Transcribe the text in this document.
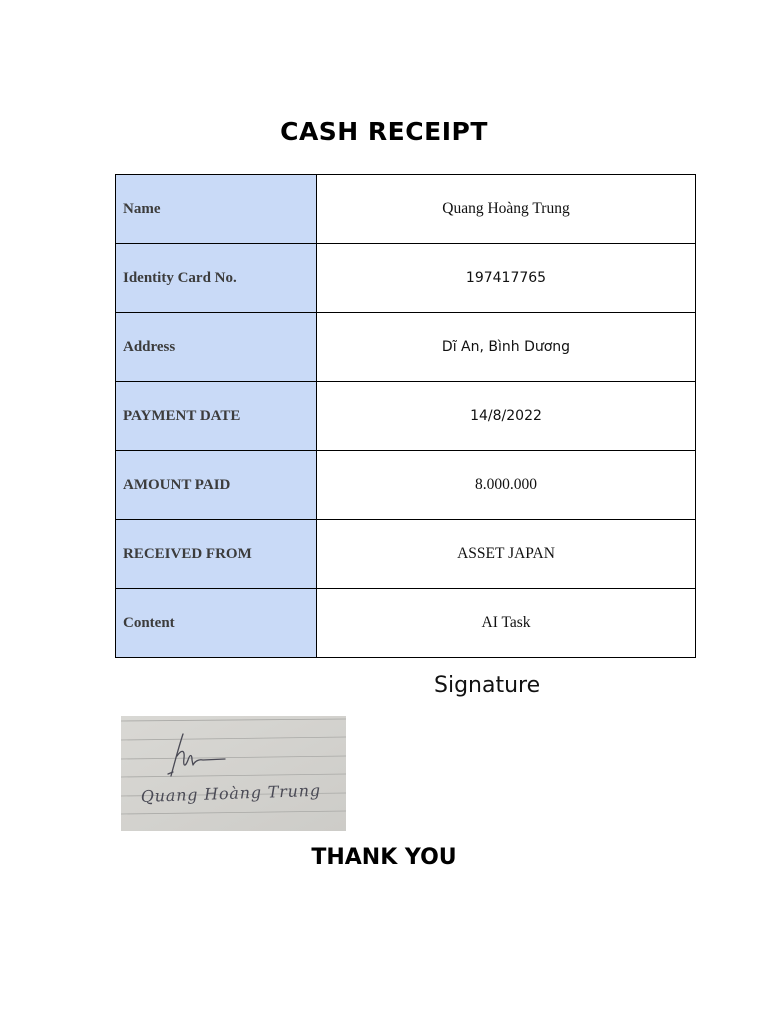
CASH RECEIPT
Name	Quang Hoàng Trung
Identity Card No.	197417765
Address	Dĩ An, Bình Dương
PAYMENT DATE	14/8/2022
AMOUNT PAID	8.000.000
RECEIVED FROM	ASSET JAPAN
Content	AI Task
Signature
Quang Hoàng Trung
THANK YOU
